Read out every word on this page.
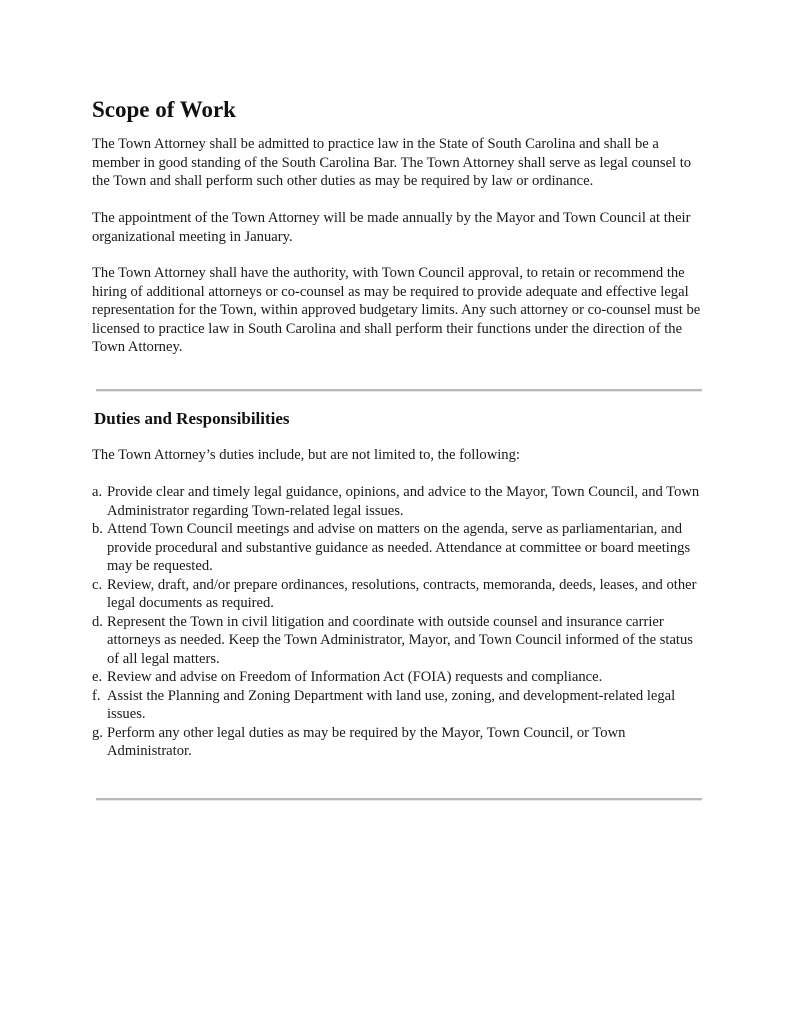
Scope of Work

The Town Attorney shall be admitted to practice law in the State of South Carolina and shall be a member in good standing of the South Carolina Bar. The Town Attorney shall serve as legal counsel to the Town and shall perform such other duties as may be required by law or ordinance.

The appointment of the Town Attorney will be made annually by the Mayor and Town Council at their organizational meeting in January.

The Town Attorney shall have the authority, with Town Council approval, to retain or recommend the hiring of additional attorneys or co-counsel as may be required to provide adequate and effective legal representation for the Town, within approved budgetary limits. Any such attorney or co-counsel must be licensed to practice law in South Carolina and shall perform their functions under the direction of the Town Attorney.

Duties and Responsibilities

The Town Attorney’s duties include, but are not limited to, the following:

a. Provide clear and timely legal guidance, opinions, and advice to the Mayor, Town Council, and Town Administrator regarding Town-related legal issues.
b. Attend Town Council meetings and advise on matters on the agenda, serve as parliamentarian, and provide procedural and substantive guidance as needed. Attendance at committee or board meetings may be requested.
c. Review, draft, and/or prepare ordinances, resolutions, contracts, memoranda, deeds, leases, and other legal documents as required.
d. Represent the Town in civil litigation and coordinate with outside counsel and insurance carrier attorneys as needed. Keep the Town Administrator, Mayor, and Town Council informed of the status of all legal matters.
e. Review and advise on Freedom of Information Act (FOIA) requests and compliance.
f. Assist the Planning and Zoning Department with land use, zoning, and development-related legal issues.
g. Perform any other legal duties as may be required by the Mayor, Town Council, or Town Administrator.
